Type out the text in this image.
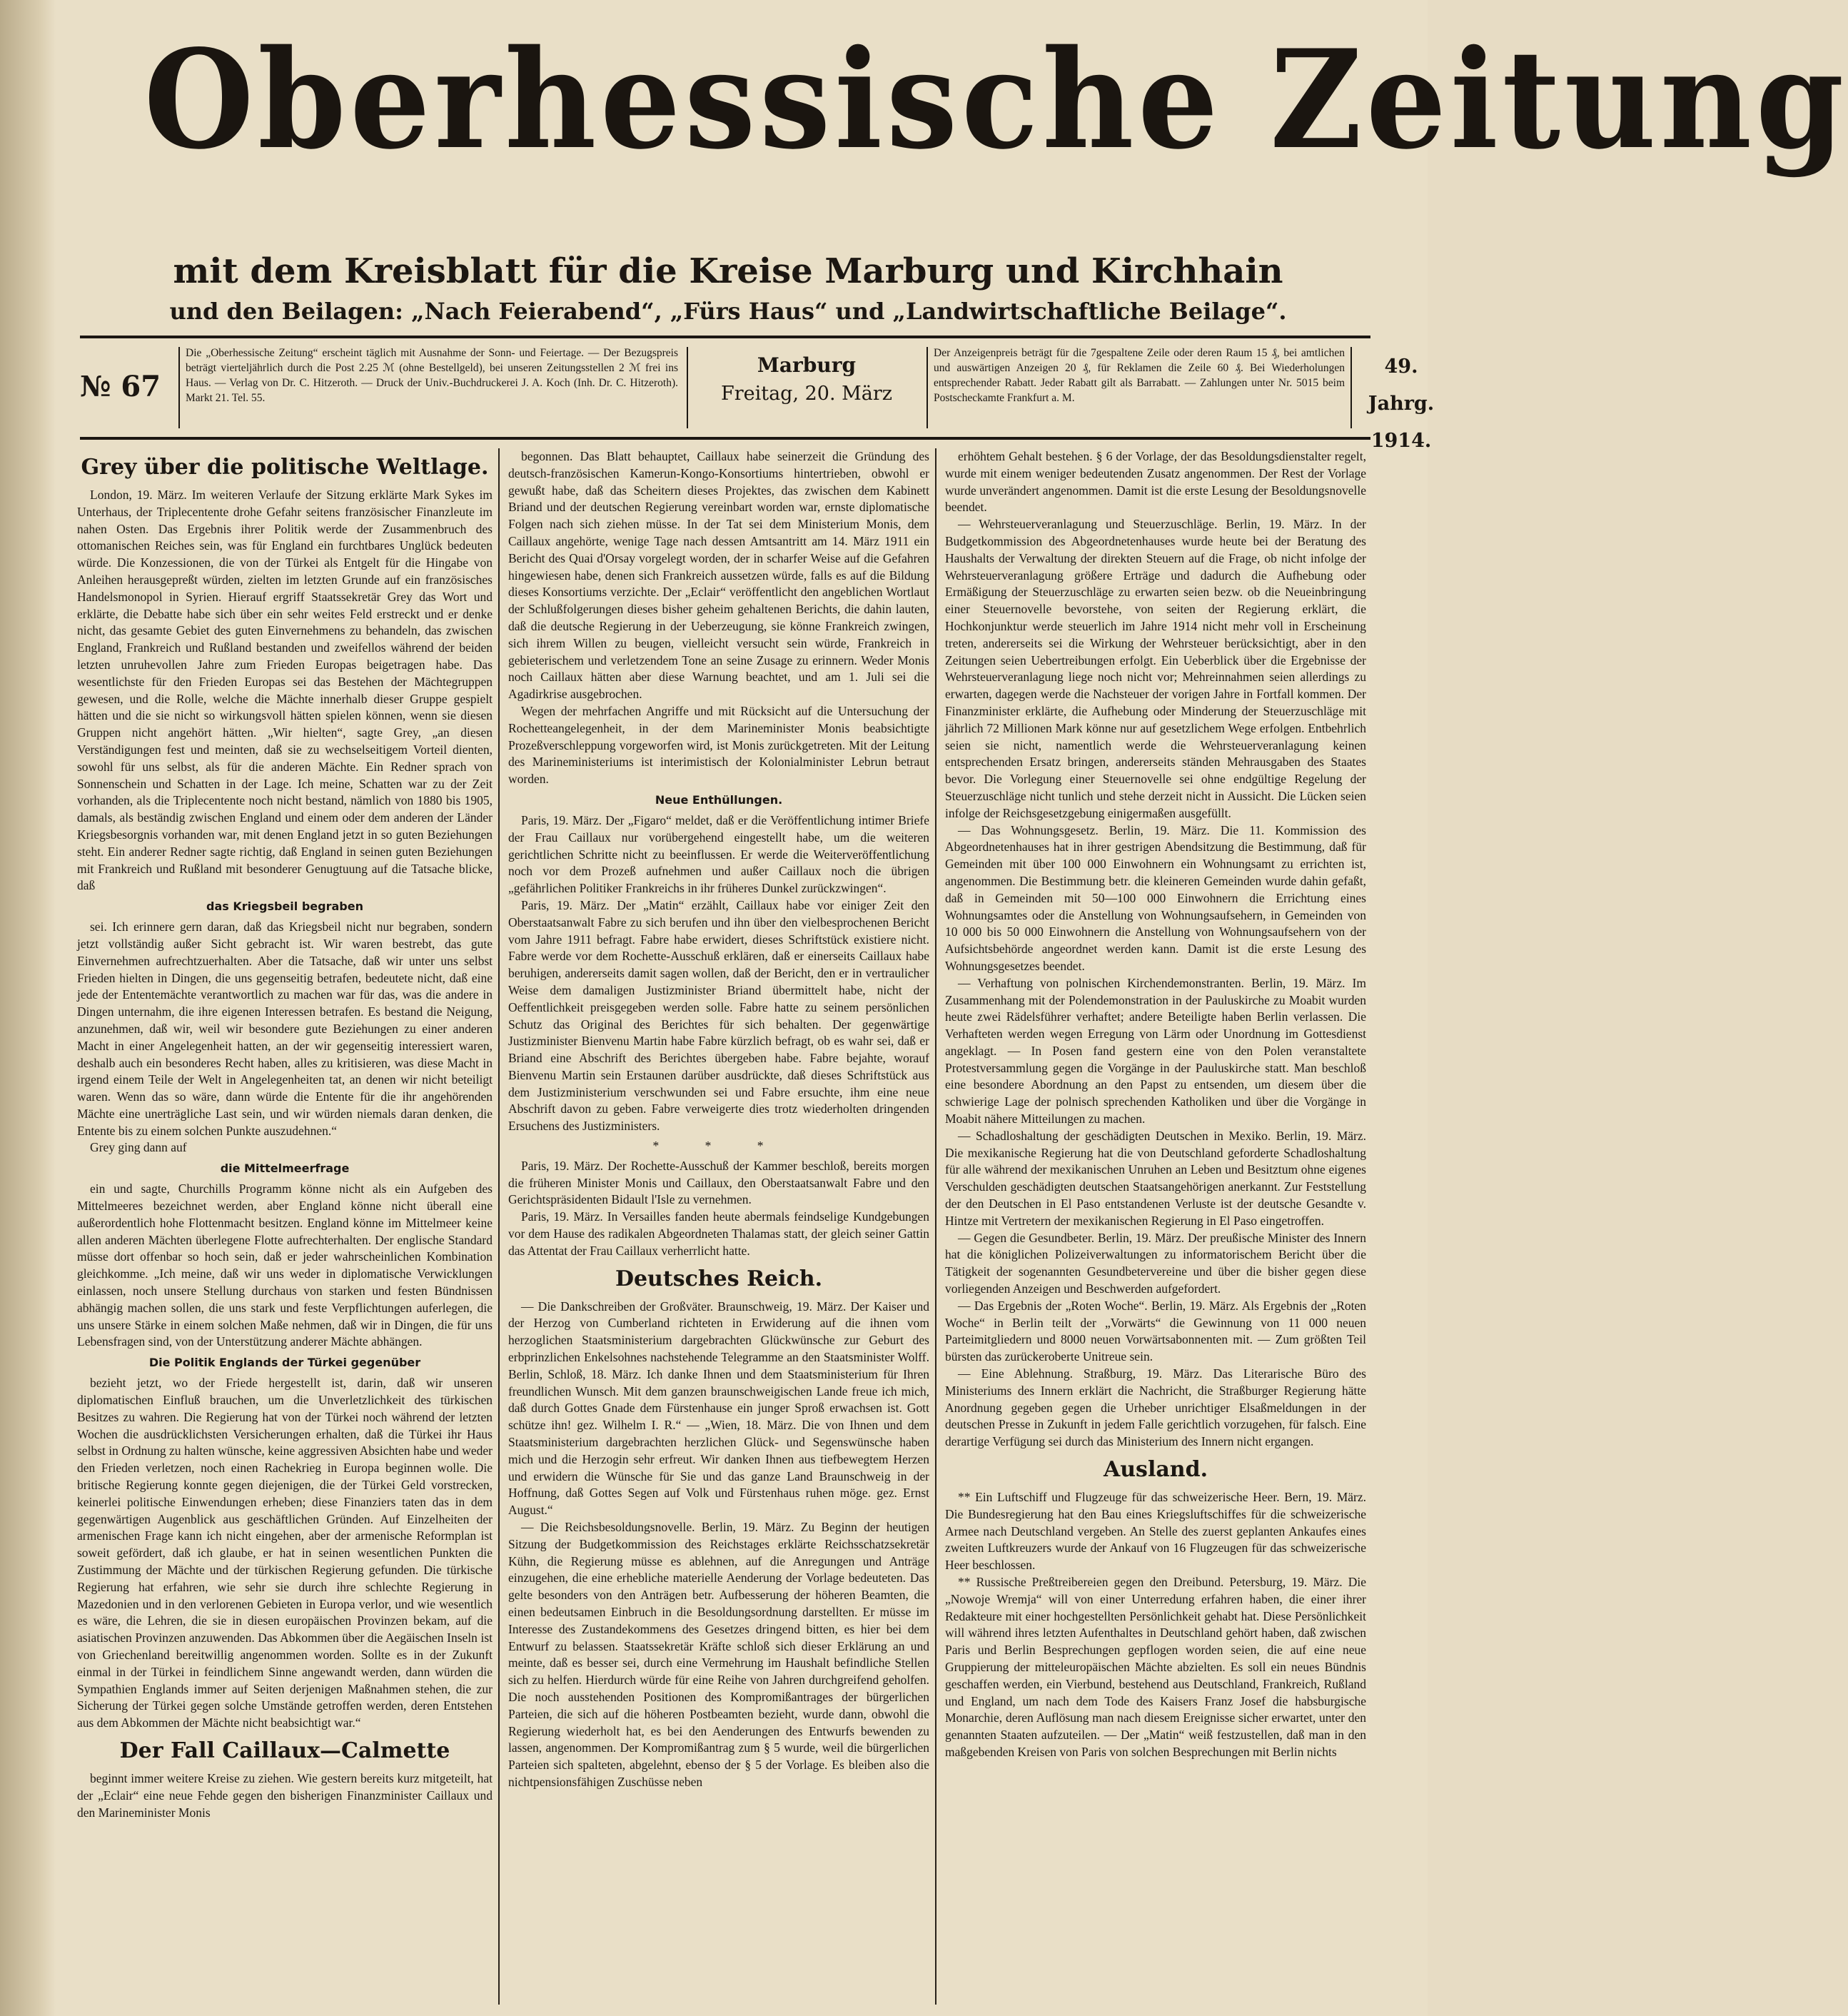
Oberhessische Zeitung
mit dem Kreisblatt für die Kreise Marburg und Kirchhain
und den Beilagen: „Nach Feierabend“, „Fürs Haus“ und „Landwirtschaftliche Beilage“.
№ 67
Die „Oberhessische Zeitung“ erscheint täglich mit Ausnahme der Sonn- und Feiertage. — Der Bezugspreis beträgt vierteljährlich durch die Post 2.25 ℳ (ohne Bestellgeld), bei unseren Zeitungsstellen 2 ℳ frei ins Haus. — Verlag von Dr. C. Hitzeroth. — Druck der Univ.-Buchdruckerei J. A. Koch (Inh. Dr. C. Hitzeroth). Markt 21. Tel. 55.
Marburg
Freitag, 20. März
Der Anzeigenpreis beträgt für die 7gespaltene Zeile oder deren Raum 15 ₰, bei amtlichen und auswärtigen Anzeigen 20 ₰, für Reklamen die Zeile 60 ₰. Bei Wiederholungen entsprechender Rabatt. Jeder Rabatt gilt als Barrabatt. — Zahlungen unter Nr. 5015 beim Postscheckamte Frankfurt a. M.
49. Jahrg.
1914.
Grey über die politische Weltlage.

London, 19. März. Im weiteren Verlaufe der Sitzung erklärte Mark Sykes im Unterhaus, der Triplecentente drohe Gefahr seitens französischer Finanzleute im nahen Osten. Das Ergebnis ihrer Politik werde der Zusammenbruch des ottomanischen Reiches sein, was für England ein furchtbares Unglück bedeuten würde. Die Konzessionen, die von der Türkei als Entgelt für die Hingabe von Anleihen herausgepreßt würden, zielten im letzten Grunde auf ein französisches Handelsmonopol in Syrien. Hierauf ergriff Staatssekretär Grey das Wort und erklärte, die Debatte habe sich über ein sehr weites Feld erstreckt und er denke nicht, das gesamte Gebiet des guten Einvernehmens zu behandeln, das zwischen England, Frankreich und Rußland bestanden und zweifellos während der beiden letzten unruhevollen Jahre zum Frieden Europas beigetragen habe. Das wesentlichste für den Frieden Europas sei das Bestehen der Mächtegruppen gewesen, und die Rolle, welche die Mächte innerhalb dieser Gruppe gespielt hätten und die sie nicht so wirkungsvoll hätten spielen können, wenn sie diesen Gruppen nicht angehört hätten. „Wir hielten“, sagte Grey, „an diesen Verständigungen fest und meinten, daß sie zu wechselseitigem Vorteil dienten, sowohl für uns selbst, als für die anderen Mächte. Ein Redner sprach von Sonnenschein und Schatten in der Lage. Ich meine, Schatten war zu der Zeit vorhanden, als die Triplecentente noch nicht bestand, nämlich von 1880 bis 1905, damals, als beständig zwischen England und einem oder dem anderen der Länder Kriegsbesorgnis vorhanden war, mit denen England jetzt in so guten Beziehungen steht. Ein anderer Redner sagte richtig, daß England in seinen guten Beziehungen mit Frankreich und Rußland mit besonderer Genugtuung auf die Tatsache blicke, daß

das Kriegsbeil begraben

sei. Ich erinnere gern daran, daß das Kriegsbeil nicht nur begraben, sondern jetzt vollständig außer Sicht gebracht ist. Wir waren bestrebt, das gute Einvernehmen aufrechtzuerhalten. Aber die Tatsache, daß wir unter uns selbst Frieden hielten in Dingen, die uns gegenseitig betrafen, bedeutete nicht, daß eine jede der Ententemächte verantwortlich zu machen war für das, was die andere in Dingen unternahm, die ihre eigenen Interessen betrafen. Es bestand die Neigung, anzunehmen, daß wir, weil wir besondere gute Beziehungen zu einer anderen Macht in einer Angelegenheit hatten, an der wir gegenseitig interessiert waren, deshalb auch ein besonderes Recht haben, alles zu kritisieren, was diese Macht in irgend einem Teile der Welt in Angelegenheiten tat, an denen wir nicht beteiligt waren. Wenn das so wäre, dann würde die Entente für die ihr angehörenden Mächte eine unerträgliche Last sein, und wir würden niemals daran denken, die Entente bis zu einem solchen Punkte auszudehnen.“

Grey ging dann auf

die Mittelmeerfrage

ein und sagte, Churchills Programm könne nicht als ein Aufgeben des Mittelmeeres bezeichnet werden, aber England könne nicht überall eine außerordentlich hohe Flottenmacht besitzen. England könne im Mittelmeer keine allen anderen Mächten überlegene Flotte aufrechterhalten. Der englische Standard müsse dort offenbar so hoch sein, daß er jeder wahrscheinlichen Kombination gleichkomme. „Ich meine, daß wir uns weder in diplomatische Verwicklungen einlassen, noch unsere Stellung durchaus von starken und festen Bündnissen abhängig machen sollen, die uns stark und feste Verpflichtungen auferlegen, die uns unsere Stärke in einem solchen Maße nehmen, daß wir in Dingen, die für uns Lebensfragen sind, von der Unterstützung anderer Mächte abhängen.

Die Politik Englands der Türkei gegenüber

bezieht jetzt, wo der Friede hergestellt ist, darin, daß wir unseren diplomatischen Einfluß brauchen, um die Unverletzlichkeit des türkischen Besitzes zu wahren. Die Regierung hat von der Türkei noch während der letzten Wochen die ausdrücklichsten Versicherungen erhalten, daß die Türkei ihr Haus selbst in Ordnung zu halten wünsche, keine aggressiven Absichten habe und weder den Frieden verletzen, noch einen Rachekrieg in Europa beginnen wolle. Die britische Regierung konnte gegen diejenigen, die der Türkei Geld vorstrecken, keinerlei politische Einwendungen erheben; diese Finanziers taten das in dem gegenwärtigen Augenblick aus geschäftlichen Gründen. Auf Einzelheiten der armenischen Frage kann ich nicht eingehen, aber der armenische Reformplan ist soweit gefördert, daß ich glaube, er hat in seinen wesentlichen Punkten die Zustimmung der Mächte und der türkischen Regierung gefunden. Die türkische Regierung hat erfahren, wie sehr sie durch ihre schlechte Regierung in Mazedonien und in den verlorenen Gebieten in Europa verlor, und wie wesentlich es wäre, die Lehren, die sie in diesen europäischen Provinzen bekam, auf die asiatischen Provinzen anzuwenden. Das Abkommen über die Aegäischen Inseln ist von Griechenland bereitwillig angenommen worden. Sollte es in der Zukunft einmal in der Türkei in feindlichem Sinne angewandt werden, dann würden die Sympathien Englands immer auf Seiten derjenigen Maßnahmen stehen, die zur Sicherung der Türkei gegen solche Umstände getroffen werden, deren Entstehen aus dem Abkommen der Mächte nicht beabsichtigt war.“

Der Fall Caillaux—Calmette

beginnt immer weitere Kreise zu ziehen. Wie gestern bereits kurz mitgeteilt, hat der „Eclair“ eine neue Fehde gegen den bisherigen Finanzminister Caillaux und den Marineminister Monis

begonnen. Das Blatt behauptet, Caillaux habe seinerzeit die Gründung des deutsch-französischen Kamerun-Kongo-Konsortiums hintertrieben, obwohl er gewußt habe, daß das Scheitern dieses Projektes, das zwischen dem Kabinett Briand und der deutschen Regierung vereinbart worden war, ernste diplomatische Folgen nach sich ziehen müsse. In der Tat sei dem Ministerium Monis, dem Caillaux angehörte, wenige Tage nach dessen Amtsantritt am 14. März 1911 ein Bericht des Quai d'Orsay vorgelegt worden, der in scharfer Weise auf die Gefahren hingewiesen habe, denen sich Frankreich aussetzen würde, falls es auf die Bildung dieses Konsortiums verzichte. Der „Eclair“ veröffentlicht den angeblichen Wortlaut der Schlußfolgerungen dieses bisher geheim gehaltenen Berichts, die dahin lauten, daß die deutsche Regierung in der Ueberzeugung, sie könne Frankreich zwingen, sich ihrem Willen zu beugen, vielleicht versucht sein würde, Frankreich in gebieterischem und verletzendem Tone an seine Zusage zu erinnern. Weder Monis noch Caillaux hätten aber diese Warnung beachtet, und am 1. Juli sei die Agadirkrise ausgebrochen.

Wegen der mehrfachen Angriffe und mit Rücksicht auf die Untersuchung der Rochetteangelegenheit, in der dem Marineminister Monis beabsichtigte Prozeßverschleppung vorgeworfen wird, ist Monis zurückgetreten. Mit der Leitung des Marineministeriums ist interimistisch der Kolonialminister Lebrun betraut worden.

Neue Enthüllungen.

Paris, 19. März. Der „Figaro“ meldet, daß er die Veröffentlichung intimer Briefe der Frau Caillaux nur vorübergehend eingestellt habe, um die weiteren gerichtlichen Schritte nicht zu beeinflussen. Er werde die Weiterveröffentlichung noch vor dem Prozeß aufnehmen und außer Caillaux noch die übrigen „gefährlichen Politiker Frankreichs in ihr früheres Dunkel zurückzwingen“.

Paris, 19. März. Der „Matin“ erzählt, Caillaux habe vor einiger Zeit den Oberstaatsanwalt Fabre zu sich berufen und ihn über den vielbesprochenen Bericht vom Jahre 1911 befragt. Fabre habe erwidert, dieses Schriftstück existiere nicht. Fabre werde vor dem Rochette-Ausschuß erklären, daß er einerseits Caillaux habe beruhigen, andererseits damit sagen wollen, daß der Bericht, den er in vertraulicher Weise dem damaligen Justizminister Briand übermittelt habe, nicht der Oeffentlichkeit preisgegeben werden solle. Fabre hatte zu seinem persönlichen Schutz das Original des Berichtes für sich behalten. Der gegenwärtige Justizminister Bienvenu Martin habe Fabre kürzlich befragt, ob es wahr sei, daß er Briand eine Abschrift des Berichtes übergeben habe. Fabre bejahte, worauf Bienvenu Martin sein Erstaunen darüber ausdrückte, daß dieses Schriftstück aus dem Justizministerium verschwunden sei und Fabre ersuchte, ihm eine neue Abschrift davon zu geben. Fabre verweigerte dies trotz wiederholten dringenden Ersuchens des Justizministers.

* * *

Paris, 19. März. Der Rochette-Ausschuß der Kammer beschloß, bereits morgen die früheren Minister Monis und Caillaux, den Oberstaatsanwalt Fabre und den Gerichtspräsidenten Bidault l'Isle zu vernehmen.

Paris, 19. März. In Versailles fanden heute abermals feindselige Kundgebungen vor dem Hause des radikalen Abgeordneten Thalamas statt, der gleich seiner Gattin das Attentat der Frau Caillaux verherrlicht hatte.

Deutsches Reich.

— Die Dankschreiben der Großväter. Braunschweig, 19. März. Der Kaiser und der Herzog von Cumberland richteten in Erwiderung auf die ihnen vom herzoglichen Staatsministerium dargebrachten Glückwünsche zur Geburt des erbprinzlichen Enkelsohnes nachstehende Telegramme an den Staatsminister Wolff. Berlin, Schloß, 18. März. Ich danke Ihnen und dem Staatsministerium für Ihren freundlichen Wunsch. Mit dem ganzen braunschweigischen Lande freue ich mich, daß durch Gottes Gnade dem Fürstenhause ein junger Sproß erwachsen ist. Gott schütze ihn! gez. Wilhelm I. R.“ — „Wien, 18. März. Die von Ihnen und dem Staatsministerium dargebrachten herzlichen Glück- und Segenswünsche haben mich und die Herzogin sehr erfreut. Wir danken Ihnen aus tiefbewegtem Herzen und erwidern die Wünsche für Sie und das ganze Land Braunschweig in der Hoffnung, daß Gottes Segen auf Volk und Fürstenhaus ruhen möge. gez. Ernst August.“

— Die Reichsbesoldungsnovelle. Berlin, 19. März. Zu Beginn der heutigen Sitzung der Budgetkommission des Reichstages erklärte Reichsschatzsekretär Kühn, die Regierung müsse es ablehnen, auf die Anregungen und Anträge einzugehen, die eine erhebliche materielle Aenderung der Vorlage bedeuteten. Das gelte besonders von den Anträgen betr. Aufbesserung der höheren Beamten, die einen bedeutsamen Einbruch in die Besoldungsordnung darstellten. Er müsse im Interesse des Zustandekommens des Gesetzes dringend bitten, es hier bei dem Entwurf zu belassen. Staatssekretär Kräfte schloß sich dieser Erklärung an und meinte, daß es besser sei, durch eine Vermehrung im Haushalt befindliche Stellen sich zu helfen. Hierdurch würde für eine Reihe von Jahren durchgreifend geholfen. Die noch ausstehenden Positionen des Kompromißantrages der bürgerlichen Parteien, die sich auf die höheren Postbeamten bezieht, wurde dann, obwohl die Regierung wiederholt hat, es bei den Aenderungen des Entwurfs bewenden zu lassen, angenommen. Der Kompromißantrag zum § 5 wurde, weil die bürgerlichen Parteien sich spalteten, abgelehnt, ebenso der § 5 der Vorlage. Es bleiben also die nichtpensionsfähigen Zuschüsse neben

erhöhtem Gehalt bestehen. § 6 der Vorlage, der das Besoldungsdienstalter regelt, wurde mit einem weniger bedeutenden Zusatz angenommen. Der Rest der Vorlage wurde unverändert angenommen. Damit ist die erste Lesung der Besoldungsnovelle beendet.

— Wehrsteuerveranlagung und Steuerzuschläge. Berlin, 19. März. In der Budgetkommission des Abgeordnetenhauses wurde heute bei der Beratung des Haushalts der Verwaltung der direkten Steuern auf die Frage, ob nicht infolge der Wehrsteuerveranlagung größere Erträge und dadurch die Aufhebung oder Ermäßigung der Steuerzuschläge zu erwarten seien bezw. ob die Neueinbringung einer Steuernovelle bevorstehe, von seiten der Regierung erklärt, die Hochkonjunktur werde steuerlich im Jahre 1914 nicht mehr voll in Erscheinung treten, andererseits sei die Wirkung der Wehrsteuer berücksichtigt, aber in den Zeitungen seien Uebertreibungen erfolgt. Ein Ueberblick über die Ergebnisse der Wehrsteuerveranlagung liege noch nicht vor; Mehreinnahmen seien allerdings zu erwarten, dagegen werde die Nachsteuer der vorigen Jahre in Fortfall kommen. Der Finanzminister erklärte, die Aufhebung oder Minderung der Steuerzuschläge mit jährlich 72 Millionen Mark könne nur auf gesetzlichem Wege erfolgen. Entbehrlich seien sie nicht, namentlich werde die Wehrsteuerveranlagung keinen entsprechenden Ersatz bringen, andererseits ständen Mehrausgaben des Staates bevor. Die Vorlegung einer Steuernovelle sei ohne endgültige Regelung der Steuerzuschläge nicht tunlich und stehe derzeit nicht in Aussicht. Die Lücken seien infolge der Reichsgesetzgebung einigermaßen ausgefüllt.

— Das Wohnungsgesetz. Berlin, 19. März. Die 11. Kommission des Abgeordnetenhauses hat in ihrer gestrigen Abendsitzung die Bestimmung, daß für Gemeinden mit über 100 000 Einwohnern ein Wohnungsamt zu errichten ist, angenommen. Die Bestimmung betr. die kleineren Gemeinden wurde dahin gefaßt, daß in Gemeinden mit 50—100 000 Einwohnern die Errichtung eines Wohnungsamtes oder die Anstellung von Wohnungsaufsehern, in Gemeinden von 10 000 bis 50 000 Einwohnern die Anstellung von Wohnungsaufsehern von der Aufsichtsbehörde angeordnet werden kann. Damit ist die erste Lesung des Wohnungsgesetzes beendet.

— Verhaftung von polnischen Kirchendemonstranten. Berlin, 19. März. Im Zusammenhang mit der Polendemonstration in der Pauluskirche zu Moabit wurden heute zwei Rädelsführer verhaftet; andere Beteiligte haben Berlin verlassen. Die Verhafteten werden wegen Erregung von Lärm oder Unordnung im Gottesdienst angeklagt. — In Posen fand gestern eine von den Polen veranstaltete Protestversammlung gegen die Vorgänge in der Pauluskirche statt. Man beschloß eine besondere Abordnung an den Papst zu entsenden, um diesem über die schwierige Lage der polnisch sprechenden Katholiken und über die Vorgänge in Moabit nähere Mitteilungen zu machen.

— Schadloshaltung der geschädigten Deutschen in Mexiko. Berlin, 19. März. Die mexikanische Regierung hat die von Deutschland geforderte Schadloshaltung für alle während der mexikanischen Unruhen an Leben und Besitztum ohne eigenes Verschulden geschädigten deutschen Staatsangehörigen anerkannt. Zur Feststellung der den Deutschen in El Paso entstandenen Verluste ist der deutsche Gesandte v. Hintze mit Vertretern der mexikanischen Regierung in El Paso eingetroffen.

— Gegen die Gesundbeter. Berlin, 19. März. Der preußische Minister des Innern hat die königlichen Polizeiverwaltungen zu informatorischem Bericht über die Tätigkeit der sogenannten Gesundbetervereine und über die bisher gegen diese vorliegenden Anzeigen und Beschwerden aufgefordert.

— Das Ergebnis der „Roten Woche“. Berlin, 19. März. Als Ergebnis der „Roten Woche“ in Berlin teilt der „Vorwärts“ die Gewinnung von 11 000 neuen Parteimitgliedern und 8000 neuen Vorwärtsabonnenten mit. — Zum größten Teil bürsten das zurückeroberte Unitreue sein.

— Eine Ablehnung. Straßburg, 19. März. Das Literarische Büro des Ministeriums des Innern erklärt die Nachricht, die Straßburger Regierung hätte Anordnung gegeben gegen die Urheber unrichtiger Elsaßmeldungen in der deutschen Presse in Zukunft in jedem Falle gerichtlich vorzugehen, für falsch. Eine derartige Verfügung sei durch das Ministerium des Innern nicht ergangen.

Ausland.

** Ein Luftschiff und Flugzeuge für das schweizerische Heer. Bern, 19. März. Die Bundesregierung hat den Bau eines Kriegsluftschiffes für die schweizerische Armee nach Deutschland vergeben. An Stelle des zuerst geplanten Ankaufes eines zweiten Luftkreuzers wurde der Ankauf von 16 Flugzeugen für das schweizerische Heer beschlossen.

** Russische Preßtreibereien gegen den Dreibund. Petersburg, 19. März. Die „Nowoje Wremja“ will von einer Unterredung erfahren haben, die einer ihrer Redakteure mit einer hochgestellten Persönlichkeit gehabt hat. Diese Persönlichkeit will während ihres letzten Aufenthaltes in Deutschland gehört haben, daß zwischen Paris und Berlin Besprechungen gepflogen worden seien, die auf eine neue Gruppierung der mitteleuropäischen Mächte abzielten. Es soll ein neues Bündnis geschaffen werden, ein Vierbund, bestehend aus Deutschland, Frankreich, Rußland und England, um nach dem Tode des Kaisers Franz Josef die habsburgische Monarchie, deren Auflösung man nach diesem Ereignisse sicher erwartet, unter den genannten Staaten aufzuteilen. — Der „Matin“ weiß festzustellen, daß man in den maßgebenden Kreisen von Paris von solchen Besprechungen mit Berlin nichts
